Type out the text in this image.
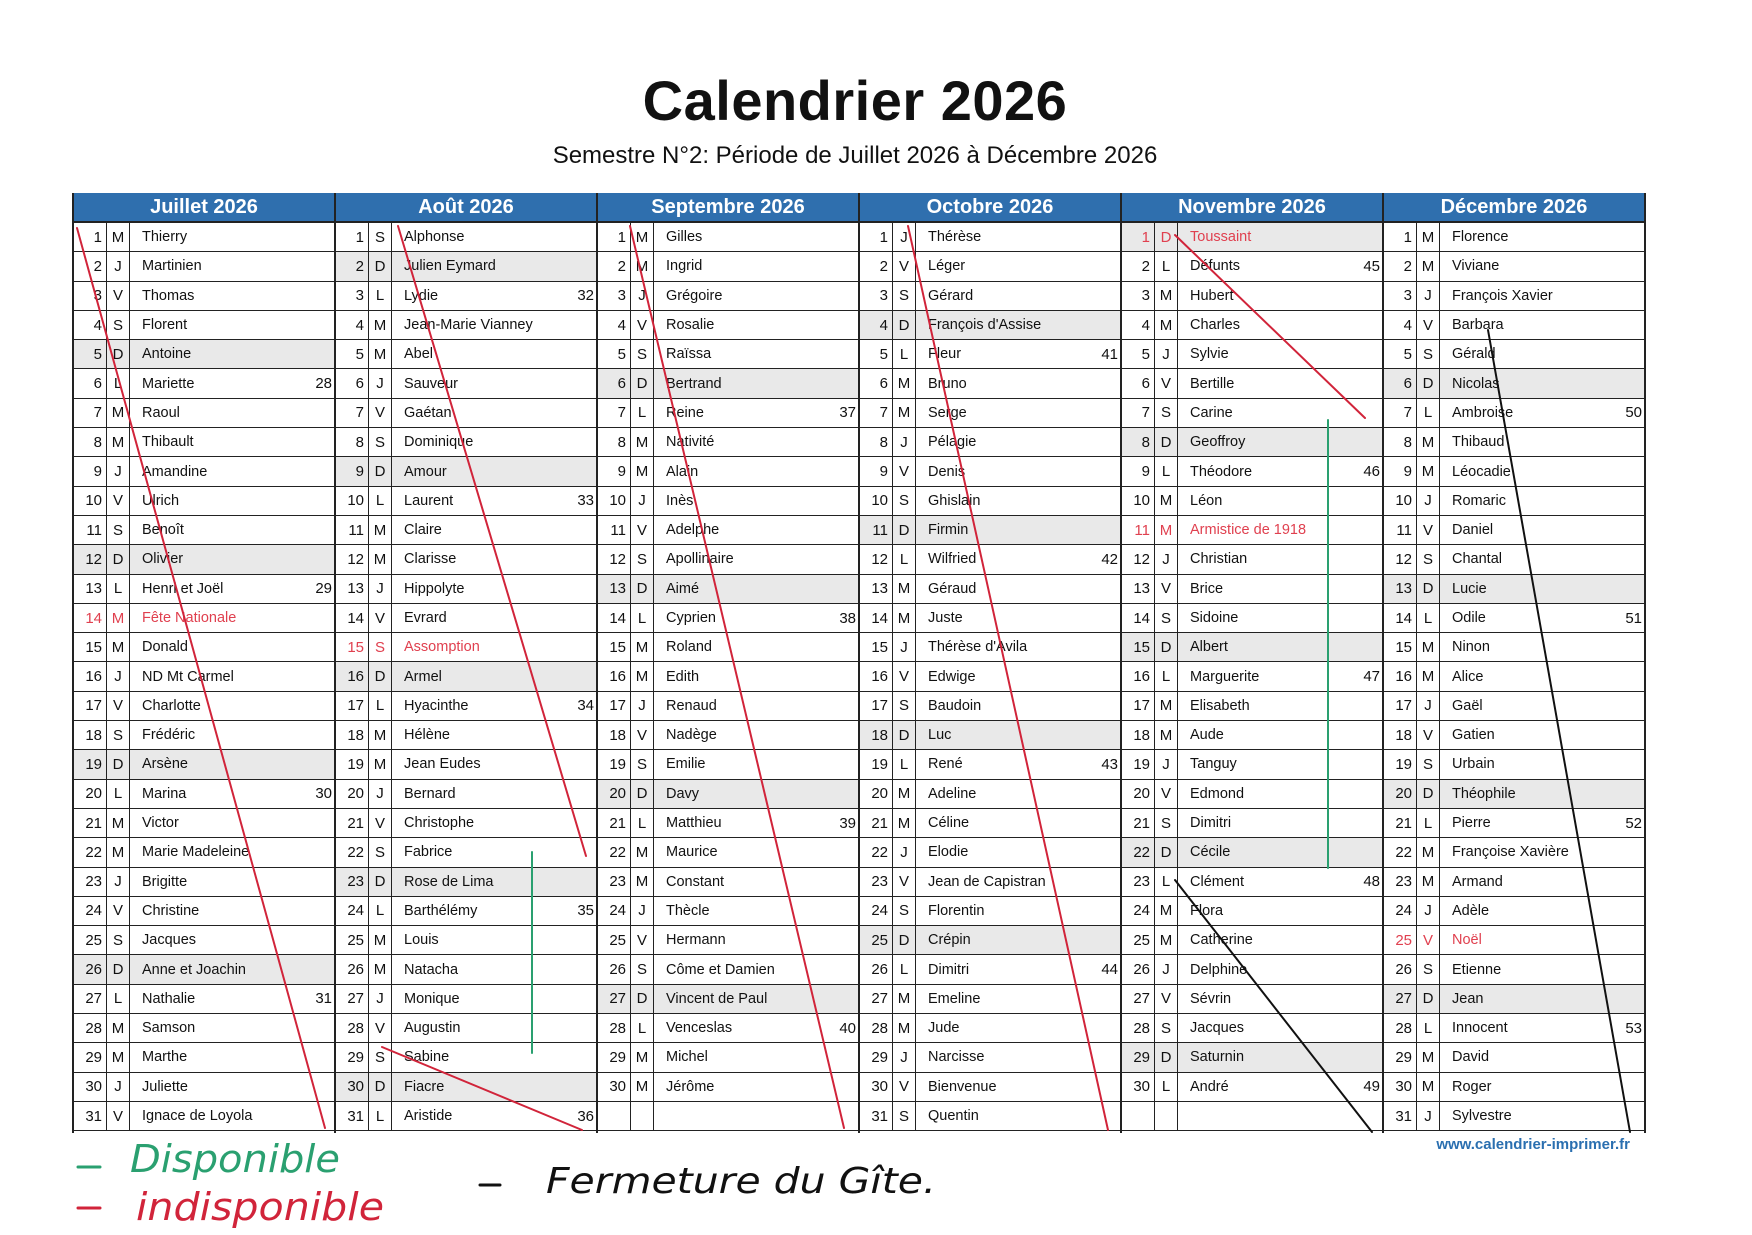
Calendrier 2026
Semestre N°2: Période de Juillet 2026 à Décembre 2026
Juillet 2026
1 M	Thierry
2 J	Martinien
3 V	Thomas
4 S	Florent
5 D	Antoine
6 L	Mariette	28
7 M	Raoul
8 M	Thibault
9 J	Amandine
10 V	Ulrich
11 S	Benoît
12 D	Olivier
13 L	Henri et Joël	29
14 M	Fête Nationale
15 M	Donald
16 J	ND Mt Carmel
17 V	Charlotte
18 S	Frédéric
19 D	Arsène
20 L	Marina	30
21 M	Victor
22 M	Marie Madeleine
23 J	Brigitte
24 V	Christine
25 S	Jacques
26 D	Anne et Joachin
27 L	Nathalie	31
28 M	Samson
29 M	Marthe
30 J	Juliette
31 V	Ignace de Loyola
Août 2026
1 S	Alphonse
2 D	Julien Eymard
3 L	Lydie	32
4 M	Jean-Marie Vianney
5 M	Abel
6 J	Sauveur
7 V	Gaétan
8 S	Dominique
9 D	Amour
10 L	Laurent	33
11 M	Claire
12 M	Clarisse
13 J	Hippolyte
14 V	Evrard
15 S	Assomption
16 D	Armel
17 L	Hyacinthe	34
18 M	Hélène
19 M	Jean Eudes
20 J	Bernard
21 V	Christophe
22 S	Fabrice
23 D	Rose de Lima
24 L	Barthélémy	35
25 M	Louis
26 M	Natacha
27 J	Monique
28 V	Augustin
29 S	Sabine
30 D	Fiacre
31 L	Aristide	36
Septembre 2026
1 M	Gilles
2 M	Ingrid
3 J	Grégoire
4 V	Rosalie
5 S	Raïssa
6 D	Bertrand
7 L	Reine	37
8 M	Nativité
9 M	Alain
10 J	Inès
11 V	Adelphe
12 S	Apollinaire
13 D	Aimé
14 L	Cyprien	38
15 M	Roland
16 M	Edith
17 J	Renaud
18 V	Nadège
19 S	Emilie
20 D	Davy
21 L	Matthieu	39
22 M	Maurice
23 M	Constant
24 J	Thècle
25 V	Hermann
26 S	Côme et Damien
27 D	Vincent de Paul
28 L	Venceslas	40
29 M	Michel
30 M	Jérôme
Octobre 2026
1 J	Thérèse
2 V	Léger
3 S	Gérard
4 D	François d'Assise
5 L	Fleur	41
6 M	Bruno
7 M	Serge
8 J	Pélagie
9 V	Denis
10 S	Ghislain
11 D	Firmin
12 L	Wilfried	42
13 M	Géraud
14 M	Juste
15 J	Thérèse d'Avila
16 V	Edwige
17 S	Baudoin
18 D	Luc
19 L	René	43
20 M	Adeline
21 M	Céline
22 J	Elodie
23 V	Jean de Capistran
24 S	Florentin
25 D	Crépin
26 L	Dimitri	44
27 M	Emeline
28 M	Jude
29 J	Narcisse
30 V	Bienvenue
31 S	Quentin
Novembre 2026
1 D	Toussaint
2 L	Défunts	45
3 M	Hubert
4 M	Charles
5 J	Sylvie
6 V	Bertille
7 S	Carine
8 D	Geoffroy
9 L	Théodore	46
10 M	Léon
11 M	Armistice de 1918
12 J	Christian
13 V	Brice
14 S	Sidoine
15 D	Albert
16 L	Marguerite	47
17 M	Elisabeth
18 M	Aude
19 J	Tanguy
20 V	Edmond
21 S	Dimitri
22 D	Cécile
23 L	Clément	48
24 M	Flora
25 M	Catherine
26 J	Delphine
27 V	Sévrin
28 S	Jacques
29 D	Saturnin
30 L	André	49
Décembre 2026
1 M	Florence
2 M	Viviane
3 J	François Xavier
4 V	Barbara
5 S	Gérald
6 D	Nicolas
7 L	Ambroise	50
8 M	Thibaud
9 M	Léocadie
10 J	Romaric
11 V	Daniel
12 S	Chantal
13 D	Lucie
14 L	Odile	51
15 M	Ninon
16 M	Alice
17 J	Gaël
18 V	Gatien
19 S	Urbain
20 D	Théophile
21 L	Pierre	52
22 M	Françoise Xavière
23 M	Armand
24 J	Adèle
25 V	Noël
26 S	Etienne
27 D	Jean
28 L	Innocent	53
29 M	David
30 M	Roger
31 J	Sylvestre
www.calendrier-imprimer.fr
Disponible
indisponible
Fermeture du Gîte.
